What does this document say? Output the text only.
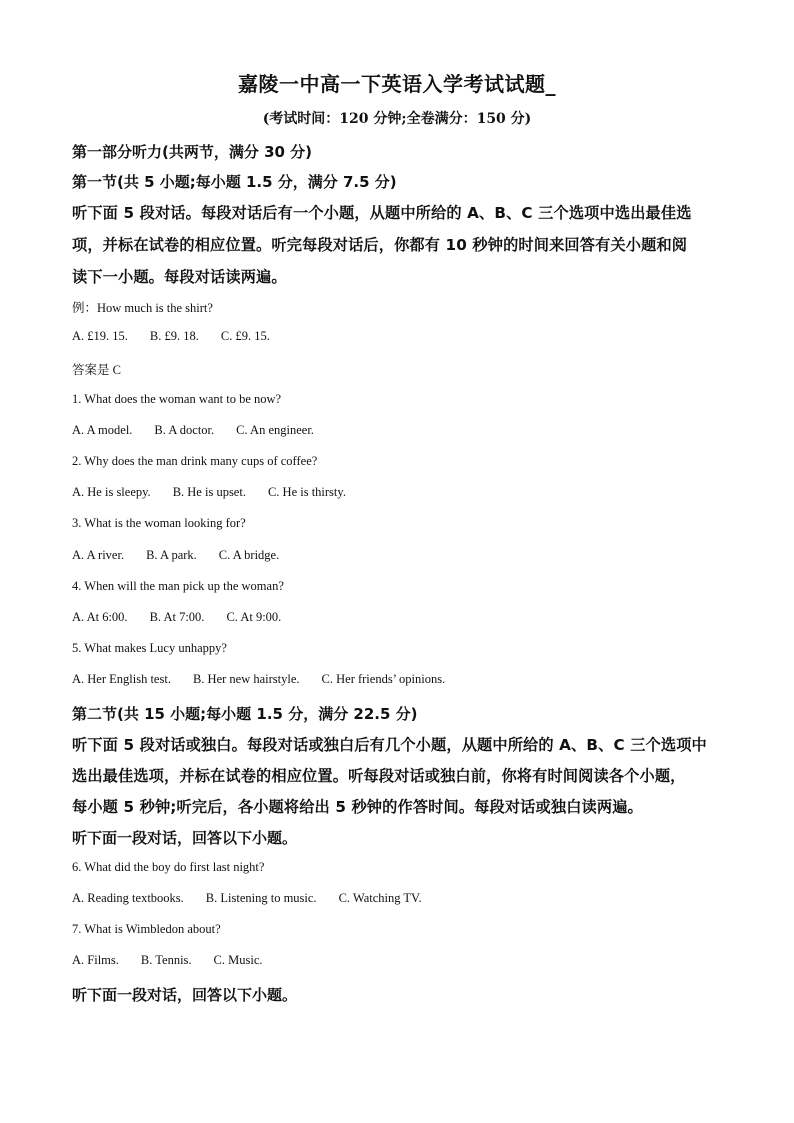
嘉陵一中高一下英语入学考试试题_
(考试时间：120 分钟;全卷满分：150 分)
第一部分听力(共两节，满分 30 分)
第一节(共 5 小题;每小题 1.5 分，满分 7.5 分)
听下面 5 段对话。每段对话后有一个小题，从题中所给的 A、B、C 三个选项中选出最佳选
项，并标在试卷的相应位置。听完每段对话后，你都有 10 秒钟的时间来回答有关小题和阅
读下一小题。每段对话读两遍。
例：How much is the shirt?
A. £19. 15. B. £9. 18. C. £9. 15.
答案是 C
1. What does the woman want to be now?
A. A model. B. A doctor. C. An engineer.
2. Why does the man drink many cups of coffee?
A. He is sleepy. B. He is upset. C. He is thirsty.
3. What is the woman looking for?
A. A river. B. A park. C. A bridge.
4. When will the man pick up the woman?
A. At 6:00. B. At 7:00. C. At 9:00.
5. What makes Lucy unhappy?
A. Her English test. B. Her new hairstyle. C. Her friends’ opinions.
第二节(共 15 小题;每小题 1.5 分，满分 22.5 分)
听下面 5 段对话或独白。每段对话或独白后有几个小题，从题中所给的 A、B、C 三个选项中
选出最佳选项，并标在试卷的相应位置。听每段对话或独白前，你将有时间阅读各个小题，
每小题 5 秒钟;听完后，各小题将给出 5 秒钟的作答时间。每段对话或独白读两遍。
听下面一段对话，回答以下小题。
6. What did the boy do first last night?
A. Reading textbooks. B. Listening to music. C. Watching TV.
7. What is Wimbledon about?
A. Films. B. Tennis. C. Music.
听下面一段对话，回答以下小题。
